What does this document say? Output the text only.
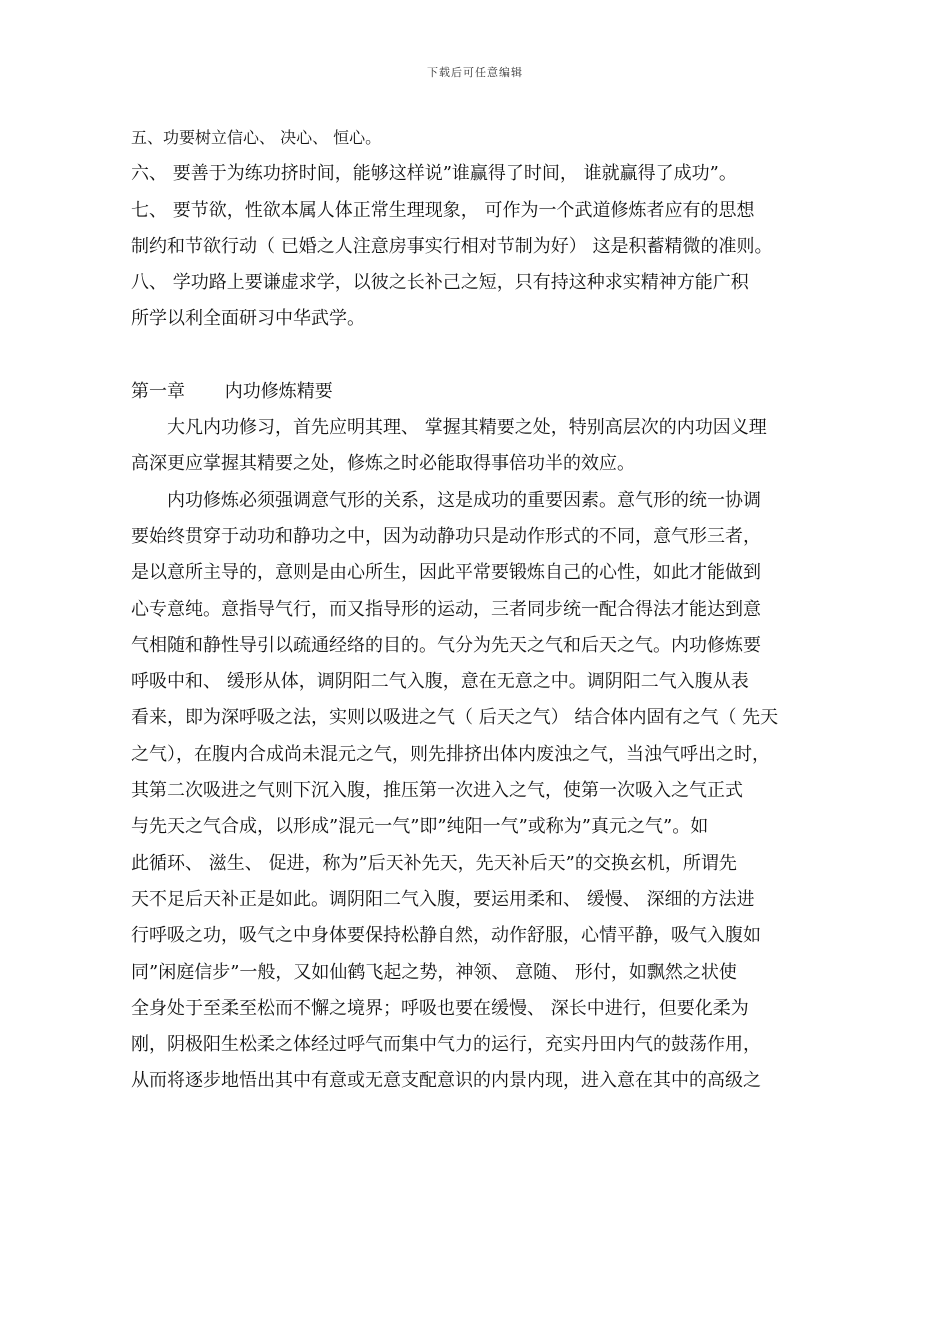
下载后可任意编辑
五、功要树立信心、 决心、 恒心。
六、 要善于为练功挤时间，能够这样说”谁赢得了时间， 谁就赢得了成功”。
七、 要节欲，性欲本属人体正常生理现象， 可作为一个武道修炼者应有的思想
制约和节欲行动（ 已婚之人注意房事实行相对节制为好） 这是积蓄精微的准则。
八、 学功路上要谦虚求学，以彼之长补己之短，只有持这种求实精神方能广积
所学以利全面研习中华武学。
第一章 内功修炼精要
大凡内功修习，首先应明其理、 掌握其精要之处，特别高层次的内功因义理
高深更应掌握其精要之处，修炼之时必能取得事倍功半的效应。
内功修炼必须强调意气形的关系，这是成功的重要因素。意气形的统一协调
要始终贯穿于动功和静功之中，因为动静功只是动作形式的不同，意气形三者，
是以意所主导的，意则是由心所生，因此平常要锻炼自己的心性，如此才能做到
心专意纯。意指导气行，而又指导形的运动，三者同步统一配合得法才能达到意
气相随和静性导引以疏通经络的目的。气分为先天之气和后天之气。内功修炼要
呼吸中和、 缓形从体，调阴阳二气入腹，意在无意之中。调阴阳二气入腹从表
看来，即为深呼吸之法，实则以吸进之气（ 后天之气） 结合体内固有之气（ 先天
之气），在腹内合成尚未混元之气，则先排挤出体内废浊之气，当浊气呼出之时，
其第二次吸进之气则下沉入腹，推压第一次进入之气，使第一次吸入之气正式
与先天之气合成，以形成”混元一气”即”纯阳一气”或称为”真元之气”。如
此循环、 滋生、 促进，称为”后天补先天，先天补后天”的交换玄机，所谓先
天不足后天补正是如此。调阴阳二气入腹，要运用柔和、 缓慢、 深细的方法进
行呼吸之功，吸气之中身体要保持松静自然，动作舒服，心情平静，吸气入腹如
同”闲庭信步”一般，又如仙鹤飞起之势，神领、 意随、 形付，如飘然之状使
全身处于至柔至松而不懈之境界；呼吸也要在缓慢、 深长中进行，但要化柔为
刚，阴极阳生松柔之体经过呼气而集中气力的运行，充实丹田内气的鼓荡作用，
从而将逐步地悟出其中有意或无意支配意识的内景内现，进入意在其中的高级之
